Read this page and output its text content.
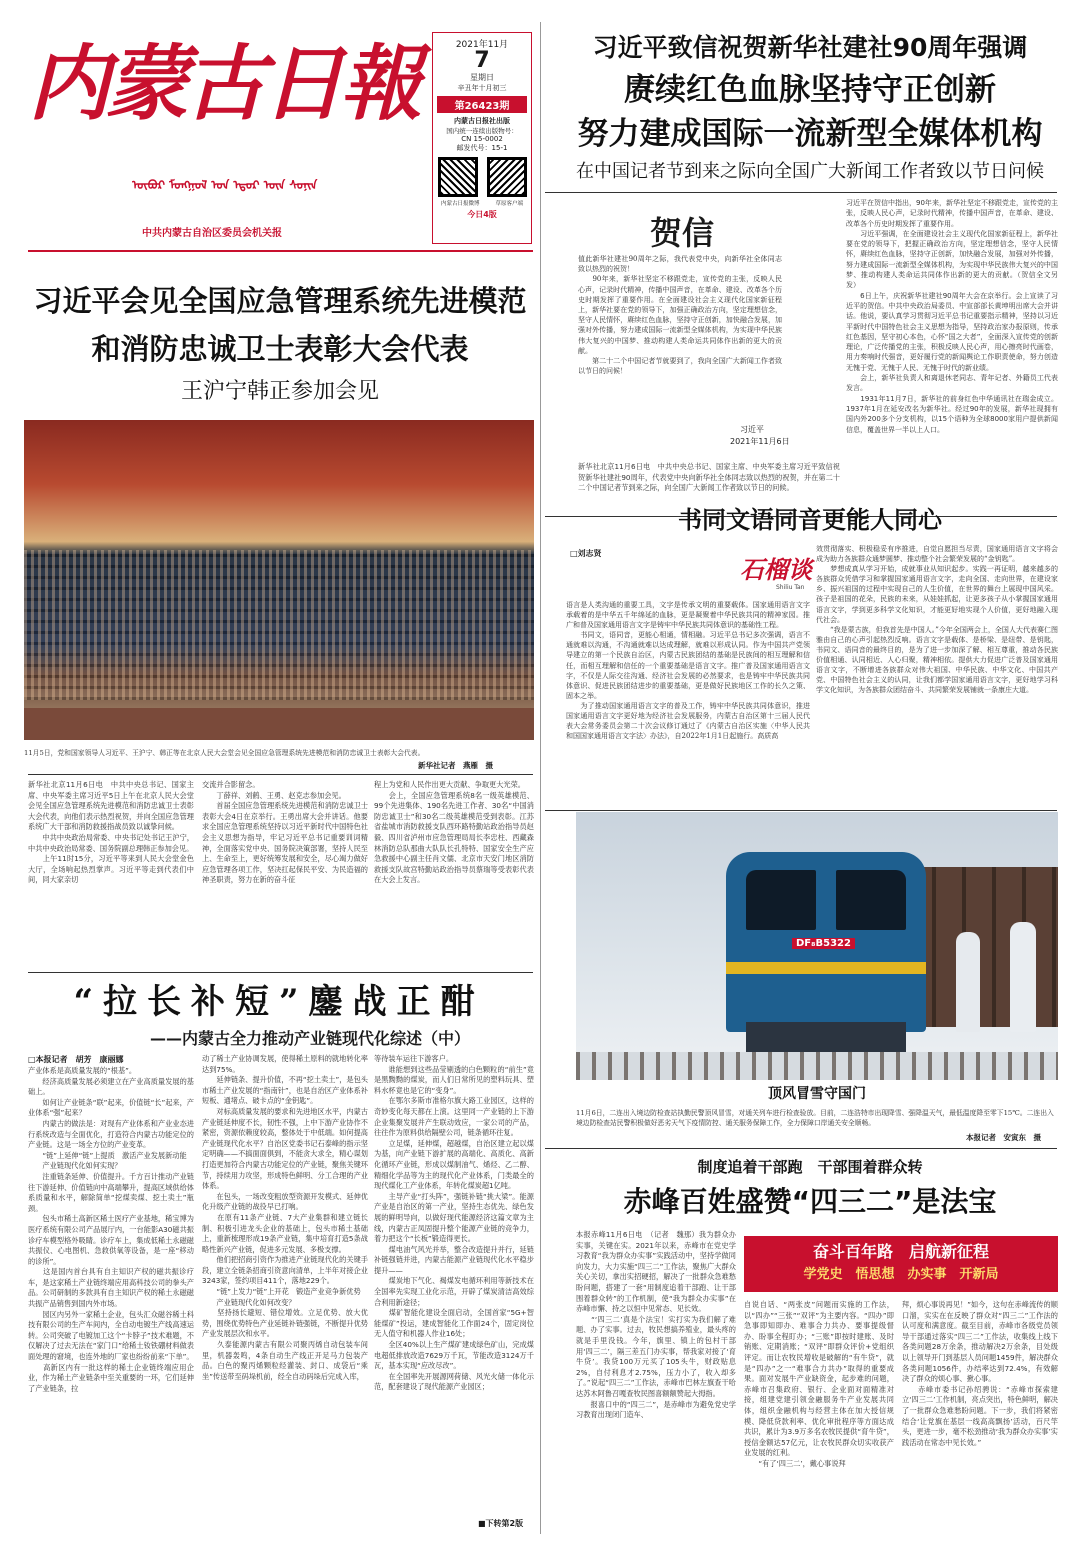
内蒙古日報
ᠥᠪᠦᠷ ᠮᠣᠩᠭᠣᠯ ᠤᠨ ᠡᠳᠦᠷ ᠦᠨ ᠰᠣᠨᠢᠨ
中共内蒙古自治区委员会机关报
2021年11月
7
星期日
辛丑年十月初三
第26423期
内蒙古日报社出版
国内统一连续出版物号：
CN 15-0002
邮发代号：15-1
内蒙古日报微博	草原客户端
今日4版
习近平致信祝贺新华社建社90周年强调
赓续红色血脉坚持守正创新
努力建成国际一流新型全媒体机构
在中国记者节到来之际向全国广大新闻工作者致以节日问候
贺信
值此新华社建社90周年之际，我代表党中央，向新华社全体同志致以热烈的祝贺！
　　90年来，新华社坚定不移跟党走，宣传党的主张，反映人民心声，记录时代精神，传播中国声音，在革命、建设、改革各个历史时期发挥了重要作用。在全面建设社会主义现代化国家新征程上，新华社要在党的领导下，加强正确政治方向，坚定理想信念，坚守人民情怀，赓续红色血脉，坚持守正创新，加快融合发展，加强对外传播，努力建成国际一流新型全媒体机构，为实现中华民族伟大复兴的中国梦、推动构建人类命运共同体作出新的更大的贡献。
　　第二十二个中国记者节就要到了，我向全国广大新闻工作者致以节日的问候！
习近平
2021年11月6日
新华社北京11月6日电　中共中央总书记、国家主席、中央军委主席习近平致信祝贺新华社建社90周年，代表党中央向新华社全体同志致以热烈的祝贺，并在第二十二个中国记者节到来之际，向全国广大新闻工作者致以节日的问候。
习近平在贺信中指出，90年来，新华社坚定不移跟党走，宣传党的主张，反映人民心声，记录时代精神，传播中国声音，在革命、建设、改革各个历史时期发挥了重要作用。
　　习近平强调，在全面建设社会主义现代化国家新征程上，新华社要在党的领导下，把握正确政治方向，坚定理想信念，坚守人民情怀，赓续红色血脉，坚持守正创新，加快融合发展，加强对外传播，努力建成国际一流新型全媒体机构，为实现中华民族伟大复兴的中国梦、推动构建人类命运共同体作出新的更大的贡献。（贺信全文另发）
　　6日上午，庆祝新华社建社90周年大会在京举行。会上宣读了习近平的贺信。中共中央政治局委员、中宣部部长黄坤明出席大会并讲话。他说，要认真学习贯彻习近平总书记重要指示精神，坚持以习近平新时代中国特色社会主义思想为指导，坚持政治家办报原则，传承红色基因，坚守初心本色，心怀“国之大者”，全面深入宣传党的创新理论，广泛传播党的主张，积极反映人民心声，用心擦亮时代画卷，用力奏响时代强音，更好履行党的新闻舆论工作职责使命，努力创造无愧于党、无愧于人民、无愧于时代的新业绩。
　　会上，新华社负责人和离退休老同志、青年记者、外籍员工代表发言。
　　1931年11月7日，新华社的前身红色中华通讯社在瑞金成立。1937年1月在延安改名为新华社。经过90年的发展，新华社现拥有国内外200多个分支机构，以15个语种为全球8000家用户提供新闻信息，覆盖世界一半以上人口。
习近平会见全国应急管理系统先进模范
和消防忠诚卫士表彰大会代表
王沪宁韩正参加会见
11月5日，党和国家领导人习近平、王沪宁、韩正等在北京人民大会堂会见全国应急管理系统先进模范和消防忠诚卫士表彰大会代表。
新华社记者　燕雁　摄
新华社北京11月6日电　中共中央总书记、国家主席、中央军委主席习近平5日上午在北京人民大会堂会见全国应急管理系统先进模范和消防忠诚卫士表彰大会代表，向他们表示热烈祝贺，并向全国应急管理系统广大干部和消防救援指战员致以诚挚问候。
　　中共中央政治局常委、中央书记处书记王沪宁，中共中央政治局常委、国务院副总理韩正参加会见。
　　上午11时15分，习近平等来到人民大会堂金色大厅，全场响起热烈掌声。习近平等走到代表们中间，同大家亲切
交流并合影留念。
　　丁薛祥、刘鹤、王勇、赵克志参加会见。
　　首届全国应急管理系统先进模范和消防忠诚卫士表彰大会4日在京举行。王勇出席大会并讲话。他要求全国应急管理系统坚持以习近平新时代中国特色社会主义思想为指导，牢记习近平总书记重要训词精神，全面落实党中央、国务院决策部署，坚持人民至上、生命至上，更好统筹发展和安全，尽心竭力做好应急管理各项工作，坚决扛起保民平安、为民造福的神圣职责，努力在新的奋斗征
程上为党和人民作出更大贡献、争取更大光荣。
　　会上，全国应急管理系统8名一级英雄模范、99个先进集体、190名先进工作者、30名“中国消防忠诚卫士”和30名二级英雄模范受到表彰。江苏省盐城市消防救援支队西环路特勤站政治指导员赵毅、四川省泸州市应急管理局局长李忠柱、西藏森林消防总队那曲大队队长孔特特、国家安全生产应急救援中心副主任肖文儒、北京市天安门地区消防救援支队故宫特勤站政治指导员蔡瑞等受表彰代表在大会上发言。
“拉长补短”鏖战正酣
——内蒙古全力推动产业链现代化综述（中）
□本报记者　胡芳　康丽娜
产业体系是高质量发展的“根基”。
　　经济高质量发展必须建立在产业高质量发展的基础上。
　　如何让产业链条“联”起来，价值链“长”起来，产业体系“强”起来？
　　内蒙古的做法是：对现有产业体系和产业业态进行系统改造与全面优化，打造符合内蒙古功能定位的产业链。这是一场全方位的产业变革。
　　“链”上延伸“链”上提质　激活产业发展新动能
　　产业链现代化如何实现？
　　注重链条延伸、价值提升。千方百计推动产业链往下游延伸、价值链向中高端攀升，提高区域供给体系质量和水平，解除简单“挖煤卖煤、挖土卖土”瓶颈。
　　包头市稀土高新区稀土医疗产业基地，稀宝博为医疗系统有限公司产品展厅内，一台能影A30磁共振诊疗车模型格外吸睛。诊疗车上，集成低稀土永磁磁共振仪、心电图机、急救供氧等设备，是一座“移动的诊所”。
　　这是国内首台具有自主知识产权的磁共振诊疗车，是这家稀土产业链终端应用高科技公司的拳头产品。公司研制的多款具有自主知识产权的稀土永磁磁共振产品销售到国内外市场。
　　园区内另外一家稀土企业，包头汇众磁谷稀土科技有限公司的生产车间内，全自动电镀生产线高速运转。公司突破了电镀加工这个“卡脖子”技术难题，不仅解决了过去无法在“家门口”给稀土钕铁硼材料做表面处理的窘境，也连外地的厂家也纷纷前来“下单”。
　　高新区内有一批这样的稀土企业链终端应用企业，作为稀土产业链条中至关重要的一环，它们延伸了产业链条，拉
动了稀土产业协调发展，使得稀土原料的就地转化率达到75%。
　　延伸链条、提升价值，不再“挖土卖土”，是包头市稀土产业发展的“指南针”，也是自治区产业体系补短板、通堵点、破卡点的“金钥匙”。
　　对标高质量发展的要求和先进地区水平，内蒙古产业链延伸度不长，韧性不强，上中下游产业协作不紧密，资源依赖度较高，整体处于中低端。如何提高产业链现代化水平？自治区党委书记石泰峰的指示坚定明确——不搞面面俱到，不能贪大求全，精心谋划打造更加符合内蒙古功能定位的产业链，聚焦关键环节，持续用力攻坚，形成特色鲜明、分工合理的产业体系。
　　在包头，一场改变粗放型资源开发模式、延伸优化升级产业链的战役早已打响。
　　在原有11条产业链、7大产业集群和建立链长制、积极引进龙头企业的基础上，包头市稀土基础上，重新梳理形成19条产业链，集中培育打造5条战略性新兴产业链，促进多元发展、多极支撑。
　　他们把招商引资作为推进产业链现代化的关键手段，建立全链条招商引资意向清单，上半年对接企业3243家，签约项目411个，落地229个。
　　“链”上发力“链”上开花　锻造产业竞争新优势
　　产业链现代化如何改变？
　　坚持扬长避短、错位增效。立足优势、放大优势，围绕优势特色产业延链补链强链，不断提升优势产业发展层次和水平。
　　久泰能源内蒙古有限公司聚丙烯自动包装车间里，机器轰鸣，4条自动生产线正开足马力包装产品。白色的聚丙烯颗粒经灌装、封口、成袋后“乘坐”传送带至码垛机前，经全自动码垛后完成入库，
等待装车运往下游客户。
　　谁能想到这些品莹剔透的白色颗粒的“前生”竟是黑黝黝的煤炭，而人们日常所见的塑料玩具、塑料水杯竟也是它的“变身”。
　　在鄂尔多斯市准格尔旗大路工业园区，这样的奇妙变化每天都在上演。这里同一产业链的上下游企业集聚发展并产生联动效应，一家公司的产品，往往作为原料供给隔壁公司，链条循环往复。
　　立足煤，延伸煤，超越煤，自治区建立起以煤为基，向产业链下游扩展的高端化、高质化、高新化循环产业链，形成以煤制油气、烯烃、乙二醇、精细化学品等为主的现代化产业体系，门类最全的现代煤化工产业体系，年转化煤炭超1亿吨。
　　主导产业“打头阵”，强链补链“挑大梁”。能源产业是自治区的第一产业，坚持生态优先、绿色发展的鲜明导向，以做好现代能源经济这篇文章为主线，内蒙古正凤固提升整个能源产业链的竞争力，着力把这个“长板”锻造得更长。
　　煤电油气风光并举，整合改造提升并行，延链补链强链并进，内蒙古能源产业链现代化水平稳步提升——
　　煤炭地下气化、褐煤发电循环利用等新技术在全国率先实现工业化示范，开辟了煤炭清洁高效综合利用新途径；
　　煤矿智能化建设全面启动，全国首家“5G+智能煤矿”投运，建成智能化工作面24个，固定岗位无人值守和机器人作业16处；
　　全区40%以上生产煤矿建成绿色矿山，完成煤电超低排放改造7629万千瓦，节能改造3124万千瓦，基本实现“应改尽改”。
　　在全国率先开展源网荷储、风光火储一体化示范，配套建设了现代能源产业园区；
■下转第2版
书同文语同音更能人同心
□刘志贤
石榴谈
Shiliu Tan
语言是人类沟通的重要工具，文字是传承文明的重要载体。国家通用语言文字承载着的是中华五千年绵延的血脉，更是凝聚着中华民族共同的精神家园。推广和普及国家通用语言文字是铸牢中华民族共同体意识的基础性工程。
　　书同文，语同音，更能心相通，情相融。习近平总书记多次强调，语言不通就难以沟通，不沟通就难以达成理解，就难以形成认同。作为中国共产党领导建立的第一个民族自治区，内蒙古民族团结的基础是民族间的相互理解和信任，而相互理解和信任的一个重要基础是语言文字。推广普及国家通用语言文字，不仅是人际交往沟通、经济社会发展的必然要求，也是铸牢中华民族共同体意识、促进民族团结进步的重要基础，更是做好民族地区工作的长久之策、固本之举。
　　为了推动国家通用语言文字的普及工作，铸牢中华民族共同体意识，推进国家通用语言文字更好地为经济社会发展服务，内蒙古自治区第十三届人民代表大会常务委员会第二十次会议修订通过了《内蒙古自治区实施〈中华人民共和国国家通用语言文字法〉办法》，自2022年1月1日起施行。高质高
效贯彻落实、积极稳妥有序推进，自觉自愿担当尽责，国家通用语言文字将会成为助力各族群众通梦圆梦、推动整个社会繁荣发展的“金钥匙”。
　　梦想成真从学习开始，成就事业从知识起步。实践一再证明，越来越多的各族群众凭借学习和掌握国家通用语言文字，走向全国、走向世界，在建设家乡、振兴祖国的过程中实现自己的人生价值，在世界的舞台上展现中国风采。孩子是祖国的花朵，民族的未来，从娃娃抓起，让更多孩子从小掌握国家通用语言文字，学到更多科学文化知识，才能更好地实现个人价值，更好地融入现代社会。
　　“我是蒙古族，但我首先是中国人。”今年全国两会上，全国人大代表赛仁图雅由自己的心声引起热烈反响。语言文字是载体、是桥梁、是纽带、是钥匙，书同文、语同音的最终目的，是为了进一步加深了解、相互尊重，推动各民族价值相通、认同相近、人心归聚，精神相依。提供大力促进广泛普及国家通用语言文字，不断增进各族群众对伟大祖国、中华民族、中华文化、中国共产党、中国特色社会主义的认同，让我们都学国家通用语言文字，更好地学习科学文化知识，为各族群众团结奋斗、共同繁荣发展铺就一条康庄大道。
DF₈B5322
顶风冒雪守国门
11月6日，二连出入境边防检查站执勤民警顶风冒雪，对通关列车进行检查验放。目前，二连浩特市出现降雪、强降温天气，最低温度降至零下15℃。二连出入境边防检查站民警积极做好恶劣天气下疫情防控、通关服务保障工作，全力保障口岸通关安全顺畅。
本报记者　安寅东　摄
制度追着干部跑　干部围着群众转
赤峰百姓盛赞“四三二”是法宝
本报赤峰11月6日电　（记者　魏那）我为群众办实事，关键在实。2021年以来，赤峰市在党史学习教育“我为群众办实事”实践活动中，坚持学做同向发力，大力实施“四三二”工作法，聚焦广大群众关心关切，拿出实招硬招，解决了一批群众急难愁盼问题，搭建了一套“用制度追着干部跑、让干部围着群众转”的工作机制，使“我为群众办实事”在赤峰市懈、持之以恒中见常态、见长效。
　　“‘四三二’真是个法宝！实打实为我们解了难题、办了实事。过去，牧民想搞养殖业，最头疼的就是手里没钱。今年，旗里、镇上的包村干部用‘四三二’，隔三差五门办实事，帮我家对接了‘育牛贷’。我贷100万元买了105头牛，财政贴息2%，自付利息才2.75%，压力小了，收入却多了。”说起“四三二”工作法，赤峰市巴林左旗查干哈达苏木阿鲁召嘎查牧民图喜额额赞起大拇指。
　　报喜口中的“四三二”，是赤峰市为避免党史学习教育出现闭门造车、
自说自话、“两张皮”问题而实施的工作法，以“四办”“三张”“双评”为主要内容。“四办”即急事即知即办、难事合力共办、要事提级督办、盼事全程盯办；“三账”即按时建账、及时销账、定期消账；“双评”即群众评价+党组织评定。而让农牧民增收是破解的“有牛贷”，就是“四办”之一“难事合力共办”取得的重要成果。面对发展牛产业缺资金，起步难的问题，赤峰市召集政府、银行、企业面对面精准对接，组建党建引领金融服务牛产业发展共同体，组织金融机构与经营主体在加大授信规模、降低贷款利率、优化审批程序等方面达成共识，累计为3.9万多名农牧民提供“育牛贷”，授信金额达57亿元，让农牧民群众切实收获产业发展的红利。
　　“有了‘四三二’，戴心事说拜
拜，烦心事说再见！”如今，这句在赤峰流传的顺口溜，实实在在反映了群众对“四三二”工作法的认可度和满意度。截至目前，赤峰市各级党员领导干部通过落实“四三二”工作法，收集线上线下各类问题28万余条，推动解决2万余条，目处级以上领导开门到基层人员问题1459件，解决群众各类问题1056件，办结率达到72.4%，有效解决了群众的烦心事、揪心事。
　　赤峰市委书记孙绍骋说：“赤峰市探索建立‘四三二’工作机制，亮点突出，特色鲜明，解决了一批群众急难愁盼问题。下一步，我们将紧密结合‘让党旗在基层一线高高飘扬’活动，百尺竿头，更进一步，毫不松劲推动‘我为群众办实事’实践活动在常态中见长效。”
奋斗百年路　启航新征程
学党史　悟思想　办实事　开新局
